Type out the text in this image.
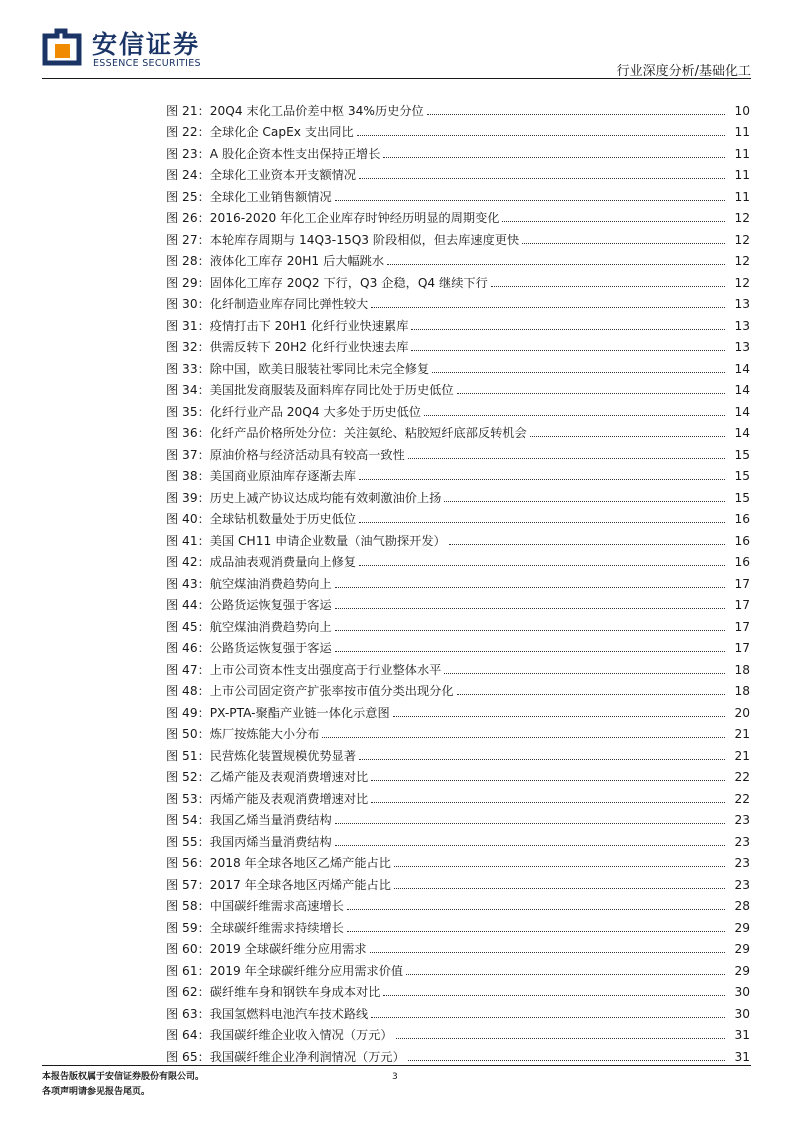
安信证券
ESSENCE SECURITIES
行业深度分析/基础化工
图 21： 20Q4 末化工品价差中枢 34%历史分位	10
图 22： 全球化企 CapEx 支出同比	11
图 23： A 股化企资本性支出保持正增长	11
图 24： 全球化工业资本开支额情况	11
图 25： 全球化工业销售额情况	11
图 26： 2016-2020 年化工企业库存时钟经历明显的周期变化	12
图 27： 本轮库存周期与 14Q3-15Q3 阶段相似，但去库速度更快	12
图 28： 液体化工库存 20H1 后大幅跳水	12
图 29： 固体化工库存 20Q2 下行，Q3 企稳，Q4 继续下行	12
图 30： 化纤制造业库存同比弹性较大	13
图 31： 疫情打击下 20H1 化纤行业快速累库	13
图 32： 供需反转下 20H2 化纤行业快速去库	13
图 33： 除中国，欧美日服装社零同比未完全修复	14
图 34： 美国批发商服装及面料库存同比处于历史低位	14
图 35： 化纤行业产品 20Q4 大多处于历史低位	14
图 36： 化纤产品价格所处分位：关注氨纶、粘胶短纤底部反转机会	14
图 37： 原油价格与经济活动具有较高一致性	15
图 38： 美国商业原油库存逐渐去库	15
图 39： 历史上减产协议达成均能有效刺激油价上扬	15
图 40： 全球钻机数量处于历史低位	16
图 41： 美国 CH11 申请企业数量（油气勘探开发）	16
图 42： 成品油表观消费量向上修复	16
图 43： 航空煤油消费趋势向上	17
图 44： 公路货运恢复强于客运	17
图 45： 航空煤油消费趋势向上	17
图 46： 公路货运恢复强于客运	17
图 47： 上市公司资本性支出强度高于行业整体水平	18
图 48： 上市公司固定资产扩张率按市值分类出现分化	18
图 49： PX-PTA-聚酯产业链一体化示意图	20
图 50： 炼厂按炼能大小分布	21
图 51： 民营炼化装置规模优势显著	21
图 52： 乙烯产能及表观消费增速对比	22
图 53： 丙烯产能及表观消费增速对比	22
图 54： 我国乙烯当量消费结构	23
图 55： 我国丙烯当量消费结构	23
图 56： 2018 年全球各地区乙烯产能占比	23
图 57： 2017 年全球各地区丙烯产能占比	23
图 58： 中国碳纤维需求高速增长	28
图 59： 全球碳纤维需求持续增长	29
图 60： 2019 全球碳纤维分应用需求	29
图 61： 2019 年全球碳纤维分应用需求价值	29
图 62： 碳纤维车身和钢铁车身成本对比	30
图 63： 我国氢燃料电池汽车技术路线	30
图 64： 我国碳纤维企业收入情况（万元）	31
图 65： 我国碳纤维企业净利润情况（万元）	31
本报告版权属于安信证券股份有限公司。
各项声明请参见报告尾页。
3
